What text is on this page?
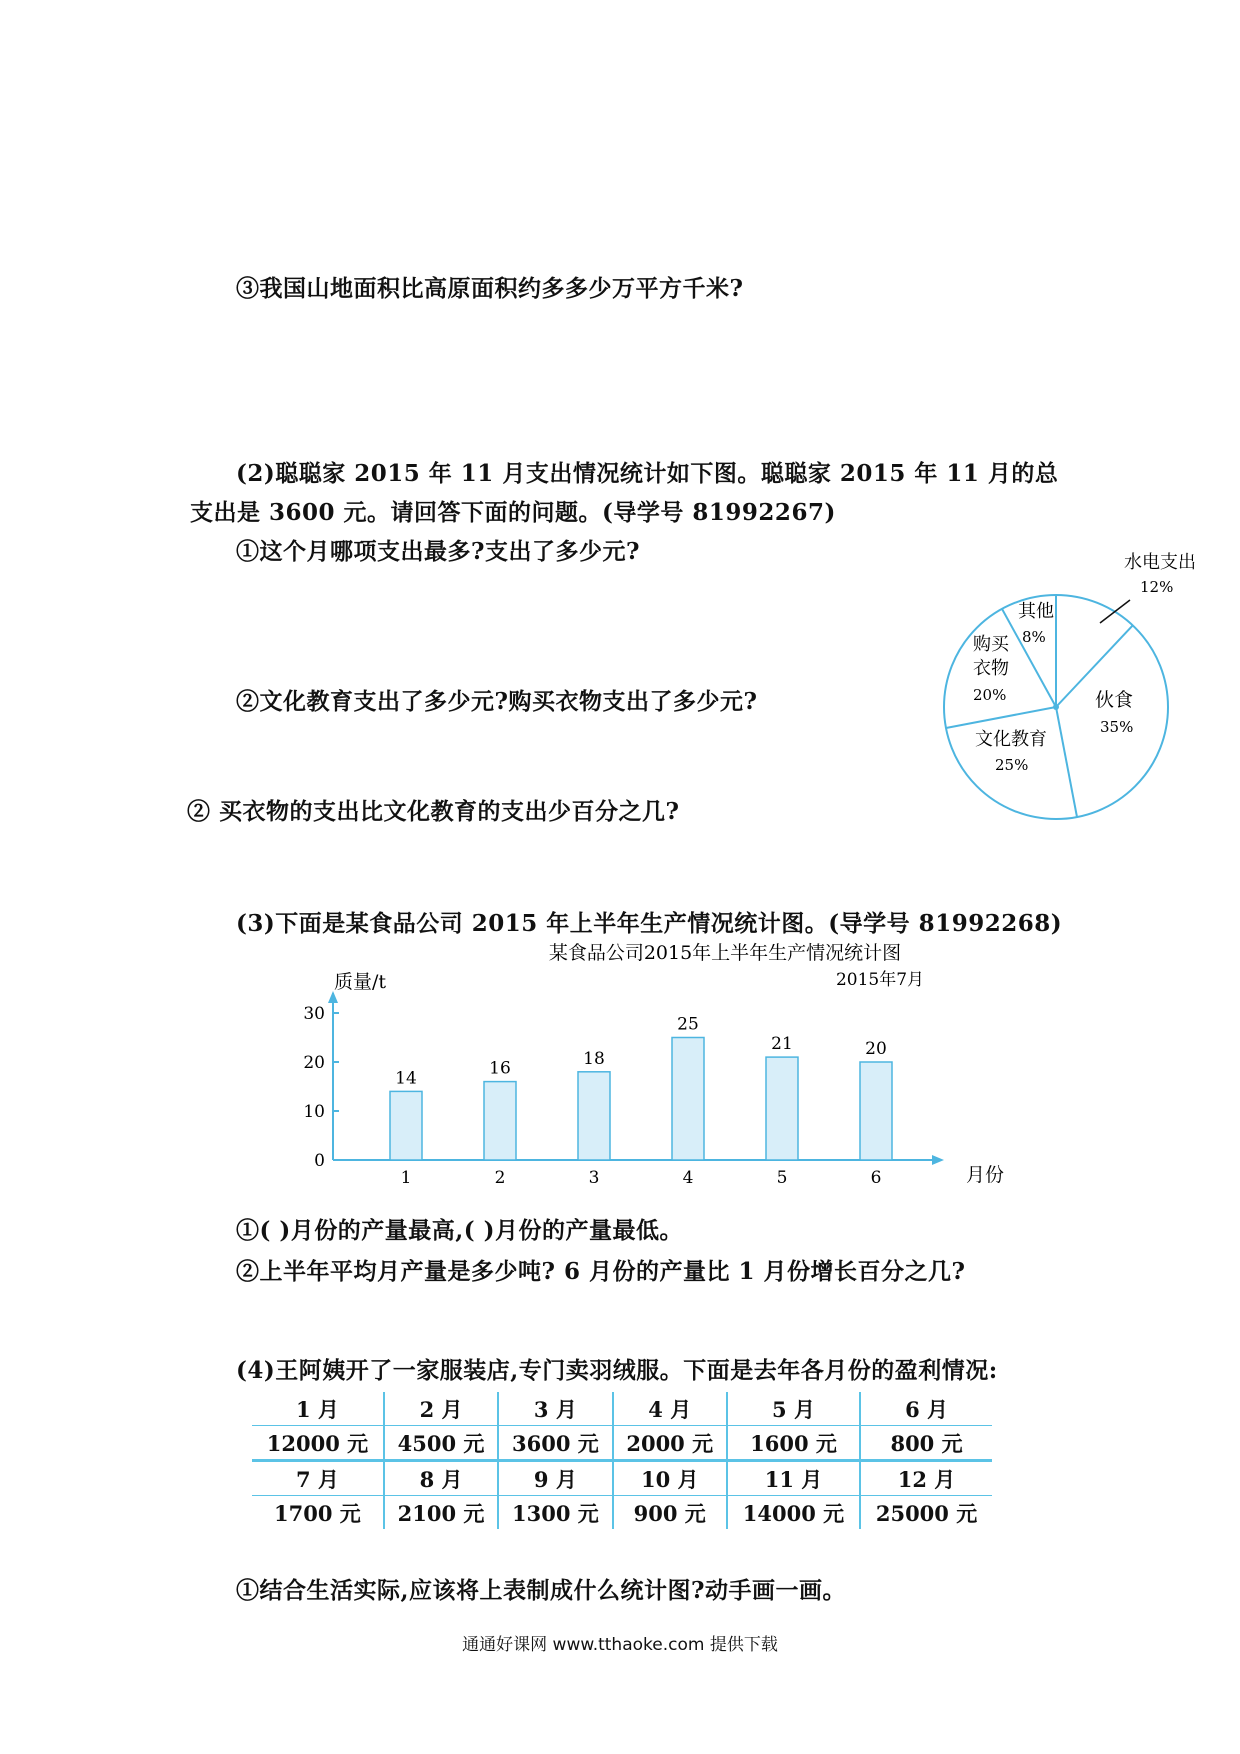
③我国山地面积比高原面积约多多少万平方千米?
(2)聪聪家 2015 年 11 月支出情况统计如下图。聪聪家 2015 年 11 月的总
支出是 3600 元。请回答下面的问题。(导学号 81992267)
①这个月哪项支出最多?支出了多少元?
②文化教育支出了多少元?购买衣物支出了多少元?
② 买衣物的支出比文化教育的支出少百分之几?
水电支出
12%
伙食
35%
文化教育
25%
购买
衣物
20%
其他
8%
(3)下面是某食品公司 2015 年上半年生产情况统计图。(导学号 81992268)
某食品公司2015年上半年生产情况统计图
2015年7月
质量/t
月份
0
10
20
30
14
1
16
2
18
3
25
4
21
5
20
6
①( )月份的产量最高,( )月份的产量最低。
②上半年平均月产量是多少吨? 6 月份的产量比 1 月份增长百分之几?
(4)王阿姨开了一家服装店,专门卖羽绒服。下面是去年各月份的盈利情况:
1 月	2 月	3 月	4 月	5 月	6 月
12000 元	4500 元	3600 元	2000 元	1600 元	800 元
7 月	8 月	9 月	10 月	11 月	12 月
1700 元	2100 元	1300 元	900 元	14000 元	25000 元
①结合生活实际,应该将上表制成什么统计图?动手画一画。
通通好课网 www.tthaoke.com 提供下载
